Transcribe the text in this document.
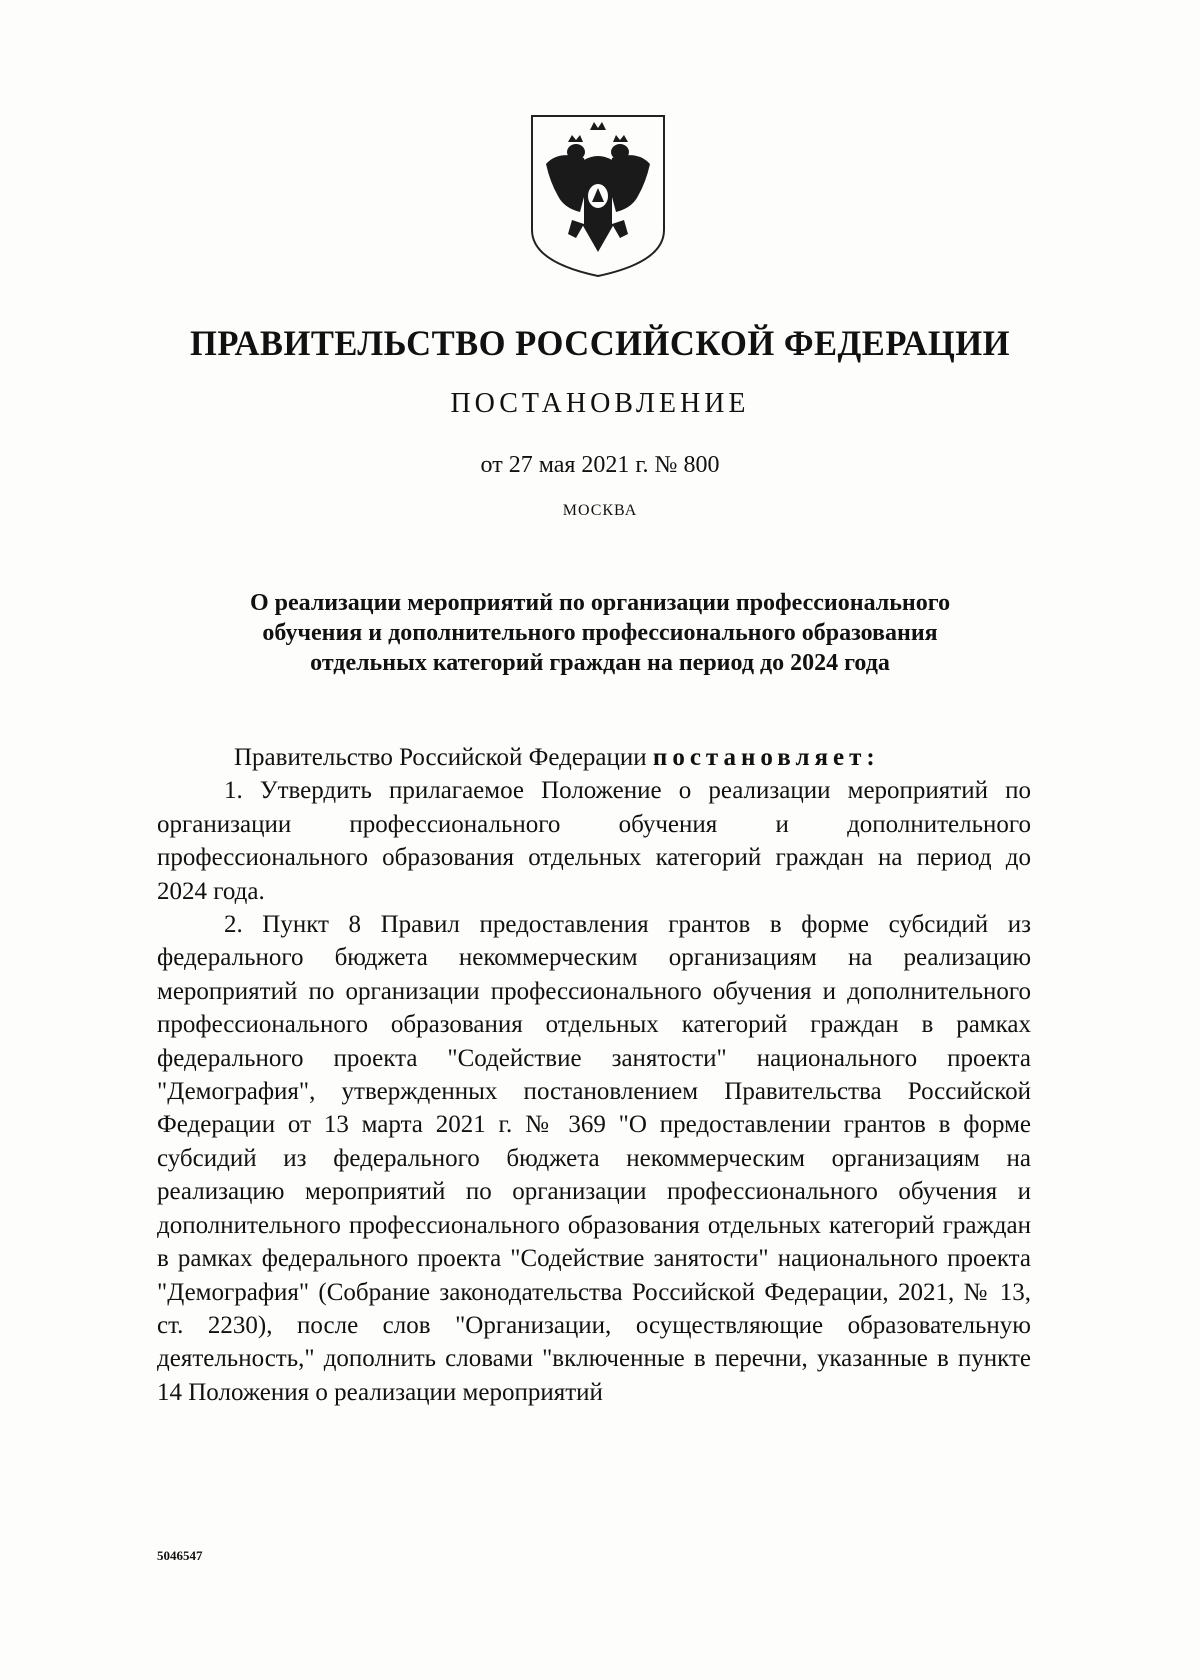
ПРАВИТЕЛЬСТВО РОССИЙСКОЙ ФЕДЕРАЦИИ
ПОСТАНОВЛЕНИЕ
от 27 мая 2021 г. № 800
МОСКВА
О реализации мероприятий по организации профессионального
обучения и дополнительного профессионального образования
отдельных категорий граждан на период до 2024 года

Правительство Российской Федерации постановляет:

1. Утвердить прилагаемое Положение о реализации мероприятий по организации профессионального обучения и дополнительного профессионального образования отдельных категорий граждан на период до 2024 года.

2. Пункт 8 Правил предоставления грантов в форме субсидий из федерального бюджета некоммерческим организациям на реализацию мероприятий по организации профессионального обучения и дополнительного профессионального образования отдельных категорий граждан в рамках федерального проекта "Содействие занятости" национального проекта "Демография", утвержденных постановлением Правительства Российской Федерации от 13 марта 2021 г. № 369 "О предоставлении грантов в форме субсидий из федерального бюджета некоммерческим организациям на реализацию мероприятий по организации профессионального обучения и дополнительного профессионального образования отдельных категорий граждан в рамках федерального проекта "Содействие занятости" национального проекта "Демография" (Собрание законодательства Российской Федерации, 2021, № 13, ст. 2230), после слов "Организации, осуществляющие образовательную деятельность," дополнить словами "включенные в перечни, указанные в пункте 14 Положения о реализации мероприятий

5046547
